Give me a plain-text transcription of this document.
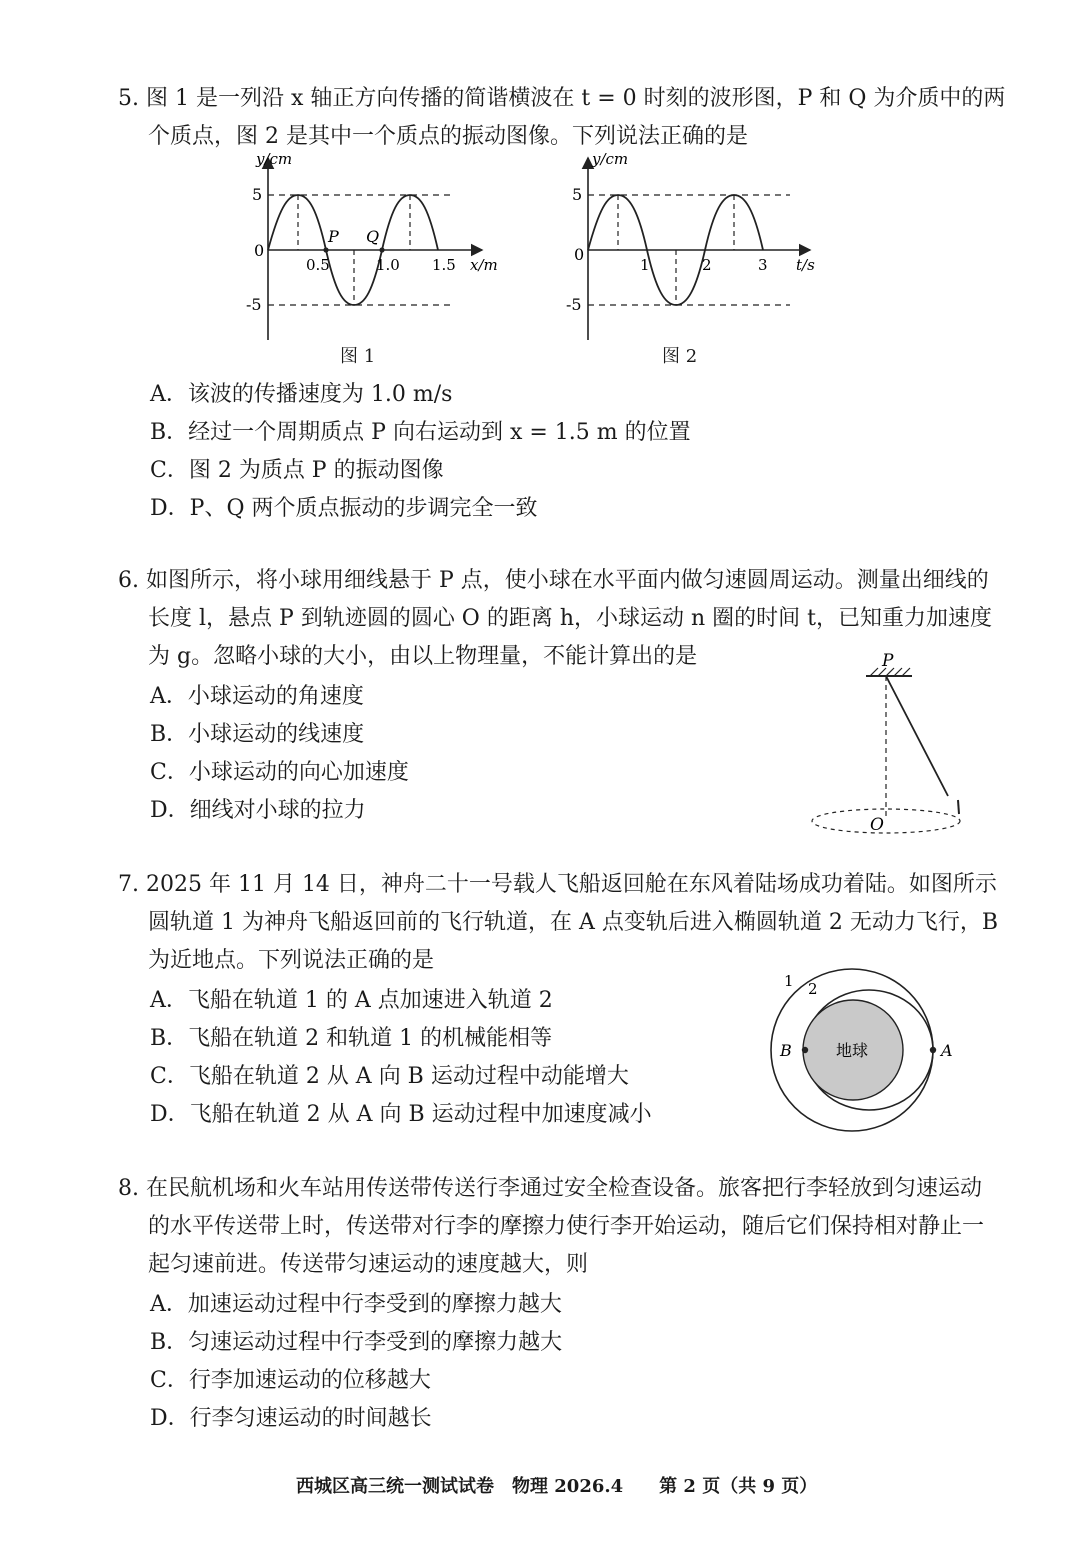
5. 图 1 是一列沿 x 轴正方向传播的简谐横波在 t = 0 时刻的波形图，P 和 Q 为介质中的两
个质点，图 2 是其中一个质点的振动图像。下列说法正确的是
y/cm
5
-5
0
0.5	1.0 1.5 x/m
P Q
图 1
y/cm
5
-5
0
1	2	3 t/s
图 2
A．该波的传播速度为 1.0 m/s
B．经过一个周期质点 P 向右运动到 x = 1.5 m 的位置
C．图 2 为质点 P 的振动图像
D．P、Q 两个质点振动的步调完全一致
6. 如图所示，将小球用细线悬于 P 点，使小球在水平面内做匀速圆周运动。测量出细线的
长度 l，悬点 P 到轨迹圆的圆心 O 的距离 h，小球运动 n 圈的时间 t，已知重力加速度
为 g。忽略小球的大小，由以上物理量，不能计算出的是
A．小球运动的角速度
B．小球运动的线速度
C．小球运动的向心加速度
D．细线对小球的拉力
P
O
7. 2025 年 11 月 14 日，神舟二十一号载人飞船返回舱在东风着陆场成功着陆。如图所示
圆轨道 1 为神舟飞船返回前的飞行轨道，在 A 点变轨后进入椭圆轨道 2 无动力飞行，B
为近地点。下列说法正确的是
A．飞船在轨道 1 的 A 点加速进入轨道 2
B．飞船在轨道 2 和轨道 1 的机械能相等
C．飞船在轨道 2 从 A 向 B 运动过程中动能增大
D．飞船在轨道 2 从 A 向 B 运动过程中加速度减小
地球
1 2
B	A
8. 在民航机场和火车站用传送带传送行李通过安全检查设备。旅客把行李轻放到匀速运动
的水平传送带上时，传送带对行李的摩擦力使行李开始运动，随后它们保持相对静止一
起匀速前进。传送带匀速运动的速度越大，则
A．加速运动过程中行李受到的摩擦力越大
B．匀速运动过程中行李受到的摩擦力越大
C．行李加速运动的位移越大
D．行李匀速运动的时间越长
西城区高三统一测试试卷　物理 2026.4　　第 2 页（共 9 页）
